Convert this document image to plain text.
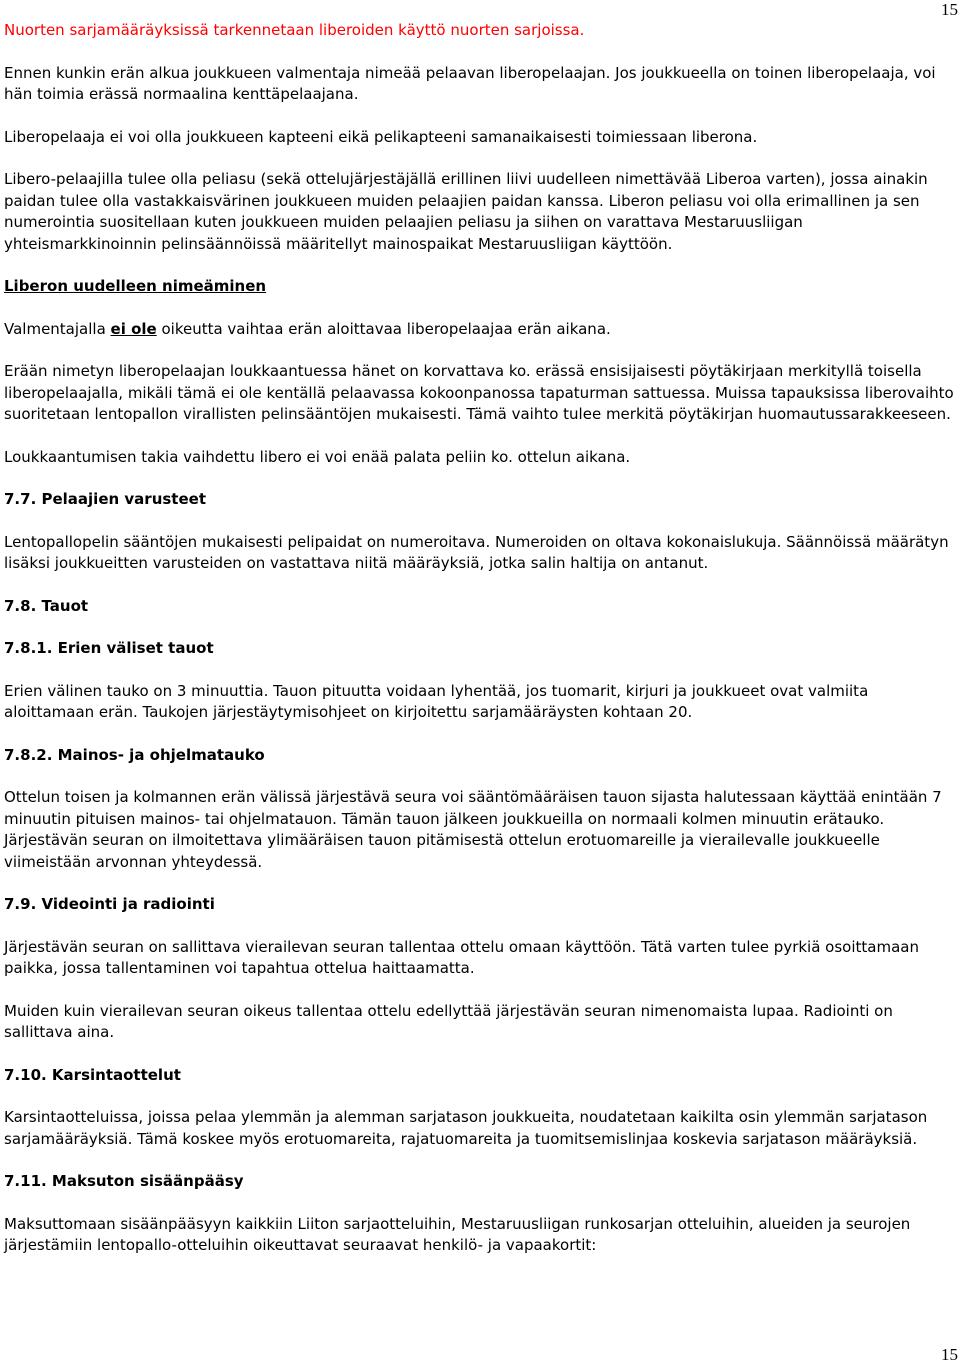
15

Nuorten sarjamääräyksissä tarkennetaan liberoiden käyttö nuorten sarjoissa.

Ennen kunkin erän alkua joukkueen valmentaja nimeää pelaavan liberopelaajan. Jos joukkueella on toinen liberopelaaja, voi hän toimia erässä normaalina kenttäpelaajana.

Liberopelaaja ei voi olla joukkueen kapteeni eikä pelikapteeni samanaikaisesti toimiessaan liberona.

Libero-pelaajilla tulee olla peliasu (sekä ottelujärjestäjällä erillinen liivi uudelleen nimettävää Liberoa varten), jossa ainakin paidan tulee olla vastakkaisvärinen joukkueen muiden pelaajien paidan kanssa. Liberon peliasu voi olla erimallinen ja sen numerointia suositellaan kuten joukkueen muiden pelaajien peliasu ja siihen on varattava Mestaruusliigan yhteismarkkinoinnin pelinsäännöissä määritellyt mainospaikat Mestaruusliigan käyttöön.

Liberon uudelleen nimeäminen

Valmentajalla ei ole oikeutta vaihtaa erän aloittavaa liberopelaajaa erän aikana.

Erään nimetyn liberopelaajan loukkaantuessa hänet on korvattava ko. erässä ensisijaisesti pöytäkirjaan merkityllä toisella liberopelaajalla, mikäli tämä ei ole kentällä pelaavassa kokoonpanossa tapaturman sattuessa. Muissa tapauksissa liberovaihto suoritetaan lentopallon virallisten pelinsääntöjen mukaisesti. Tämä vaihto tulee merkitä pöytäkirjan huomautussarakkeeseen.

Loukkaantumisen takia vaihdettu libero ei voi enää palata peliin ko. ottelun aikana.

7.7. Pelaajien varusteet

Lentopallopelin sääntöjen mukaisesti pelipaidat on numeroitava. Numeroiden on oltava kokonaislukuja. Säännöissä määrätyn lisäksi joukkueitten varusteiden on vastattava niitä määräyksiä, jotka salin haltija on antanut.

7.8. Tauot

7.8.1. Erien väliset tauot

Erien välinen tauko on 3 minuuttia. Tauon pituutta voidaan lyhentää, jos tuomarit, kirjuri ja joukkueet ovat valmiita aloittamaan erän. Taukojen järjestäytymisohjeet on kirjoitettu sarjamääräysten kohtaan 20.

7.8.2. Mainos- ja ohjelmatauko

Ottelun toisen ja kolmannen erän välissä järjestävä seura voi sääntömääräisen tauon sijasta halutessaan käyttää enintään 7 minuutin pituisen mainos- tai ohjelmatauon. Tämän tauon jälkeen joukkueilla on normaali kolmen minuutin erätauko. Järjestävän seuran on ilmoitettava ylimääräisen tauon pitämisestä ottelun erotuomareille ja vierailevalle joukkueelle viimeistään arvonnan yhteydessä.

7.9. Videointi ja radiointi

Järjestävän seuran on sallittava vierailevan seuran tallentaa ottelu omaan käyttöön. Tätä varten tulee pyrkiä osoittamaan paikka, jossa tallentaminen voi tapahtua ottelua haittaamatta.

Muiden kuin vierailevan seuran oikeus tallentaa ottelu edellyttää järjestävän seuran nimenomaista lupaa. Radiointi on sallittava aina.

7.10. Karsintaottelut

Karsintaotteluissa, joissa pelaa ylemmän ja alemman sarjatason joukkueita, noudatetaan kaikilta osin ylemmän sarjatason sarjamääräyksiä. Tämä koskee myös erotuomareita, rajatuomareita ja tuomitsemislinjaa koskevia sarjatason määräyksiä.

7.11. Maksuton sisäänpääsy

Maksuttomaan sisäänpääsyyn kaikkiin Liiton sarjaotteluihin, Mestaruusliigan runkosarjan otteluihin, alueiden ja seurojen järjestämiin lentopallo-otteluihin oikeuttavat seuraavat henkilö- ja vapaakortit:

15
